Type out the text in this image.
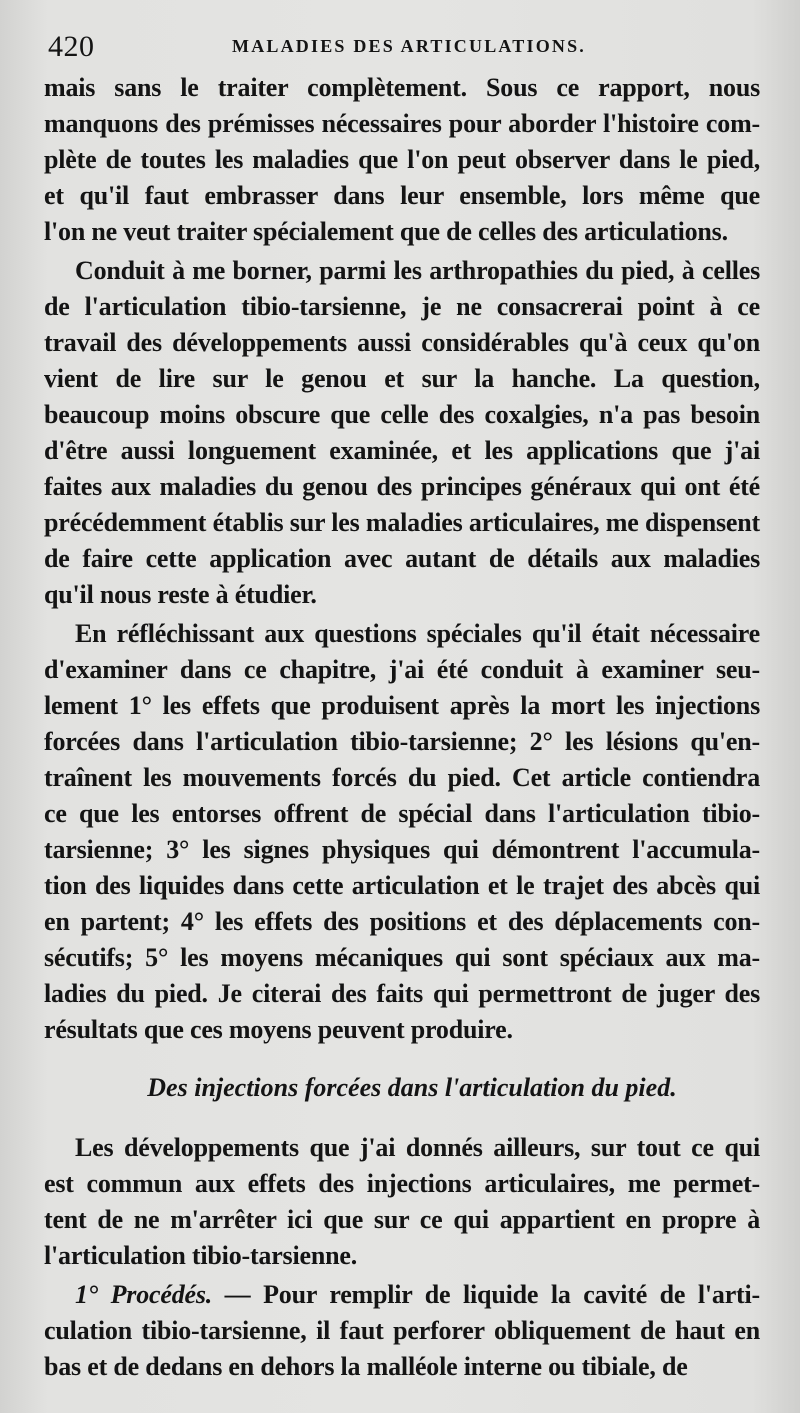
420	MALADIES DES ARTICULATIONS.
mais sans le traiter complètement. Sous ce rapport, nous
manquons des prémisses nécessaires pour aborder l'histoire com-
plète de toutes les maladies que l'on peut observer dans le pied,
et qu'il faut embrasser dans leur ensemble, lors même que
l'on ne veut traiter spécialement que de celles des articulations.
Conduit à me borner, parmi les arthropathies du pied, à celles
de l'articulation tibio-tarsienne, je ne consacrerai point à ce
travail des développements aussi considérables qu'à ceux qu'on
vient de lire sur le genou et sur la hanche. La question,
beaucoup moins obscure que celle des coxalgies, n'a pas besoin
d'être aussi longuement examinée, et les applications que j'ai
faites aux maladies du genou des principes généraux qui ont été
précédemment établis sur les maladies articulaires, me dispensent
de faire cette application avec autant de détails aux maladies
qu'il nous reste à étudier.
En réfléchissant aux questions spéciales qu'il était nécessaire
d'examiner dans ce chapitre, j'ai été conduit à examiner seu-
lement 1° les effets que produisent après la mort les injections
forcées dans l'articulation tibio-tarsienne; 2° les lésions qu'en-
traînent les mouvements forcés du pied. Cet article contiendra
ce que les entorses offrent de spécial dans l'articulation tibio-
tarsienne; 3° les signes physiques qui démontrent l'accumula-
tion des liquides dans cette articulation et le trajet des abcès qui
en partent; 4° les effets des positions et des déplacements con-
sécutifs; 5° les moyens mécaniques qui sont spéciaux aux ma-
ladies du pied. Je citerai des faits qui permettront de juger des
résultats que ces moyens peuvent produire.
Des injections forcées dans l'articulation du pied.
Les développements que j'ai donnés ailleurs, sur tout ce qui
est commun aux effets des injections articulaires, me permet-
tent de ne m'arrêter ici que sur ce qui appartient en propre à
l'articulation tibio-tarsienne.
1° Procédés. — Pour remplir de liquide la cavité de l'arti-
culation tibio-tarsienne, il faut perforer obliquement de haut en
bas et de dedans en dehors la malléole interne ou tibiale, de
